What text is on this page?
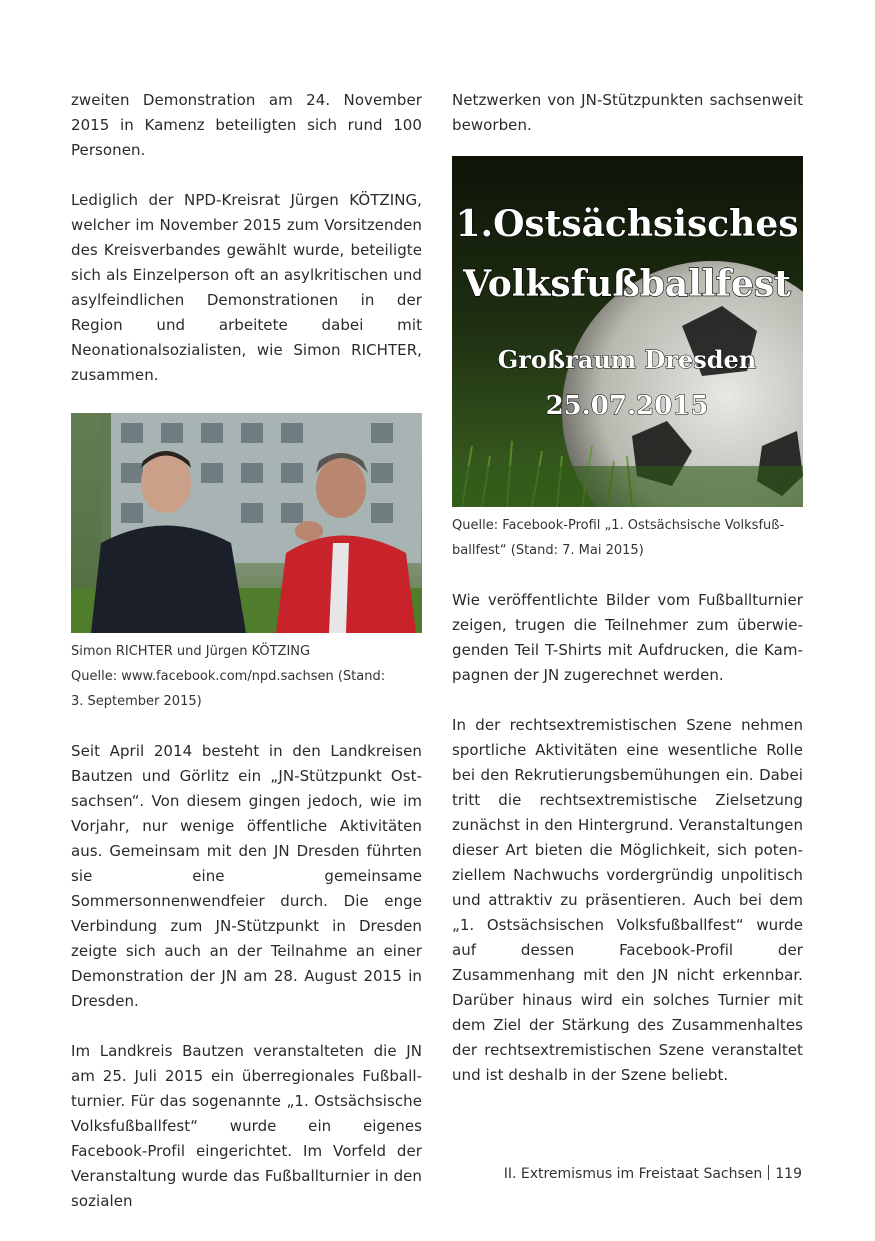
zweiten Demonstration am 24. November 2015 in Kamenz beteiligten sich rund 100 Personen.

Lediglich der NPD-Kreisrat Jürgen KÖTZING, welcher im November 2015 zum Vorsitzenden des Kreisverbandes gewählt wurde, beteiligte sich als Einzelperson oft an asylkritischen und asylfeindlichen Demonstrationen in der Region und arbeitete dabei mit Neonationalsozialisten, wie Simon RICHTER, zusammen.

Simon RICHTER und Jürgen KÖTZING
Quelle: www.facebook.com/npd.sachsen (Stand:
3. September 2015)

Seit April 2014 besteht in den Landkreisen Bautzen und Görlitz ein „JN-Stützpunkt Ostsachsen“. Von diesem gingen jedoch, wie im Vorjahr, nur wenige öffentliche Aktivitäten aus. Gemeinsam mit den JN Dresden führten sie eine gemeinsame Sommersonnenwendfeier durch. Die enge Verbindung zum JN-Stützpunkt in Dresden zeigte sich auch an der Teilnahme an einer Demonstration der JN am 28. August 2015 in Dresden.

Im Landkreis Bautzen veranstalteten die JN am 25. Juli 2015 ein überregionales Fußballturnier. Für das sogenannte „1. Ostsächsische Volksfußballfest“ wurde ein eigenes Facebook-Profil eingerichtet. Im Vorfeld der Veranstaltung wurde das Fußballturnier in den sozialen

Netzwerken von JN-Stützpunkten sachsenweit beworben.

1.Ostsächsisches
Volksfußballfest
Großraum Dresden
25.07.2015

Quelle: Facebook-Profil „1. Ostsächsische Volksfußballfest“ (Stand: 7. Mai 2015)

Wie veröffentlichte Bilder vom Fußballturnier zeigen, trugen die Teilnehmer zum überwiegenden Teil T-Shirts mit Aufdrucken, die Kampagnen der JN zugerechnet werden.

In der rechtsextremistischen Szene nehmen sportliche Aktivitäten eine wesentliche Rolle bei den Rekrutierungsbemühungen ein. Dabei tritt die rechtsextremistische Zielsetzung zunächst in den Hintergrund. Veranstaltungen dieser Art bieten die Möglichkeit, sich potenziellem Nachwuchs vordergründig unpolitisch und attraktiv zu präsentieren. Auch bei dem „1. Ostsächsischen Volksfußballfest“ wurde auf dessen Facebook-Profil der Zusammenhang mit den JN nicht erkennbar. Darüber hinaus wird ein solches Turnier mit dem Ziel der Stärkung des Zusammenhaltes der rechtsextremistischen Szene veranstaltet und ist deshalb in der Szene beliebt.

II. Extremismus im Freistaat Sachsen 119
